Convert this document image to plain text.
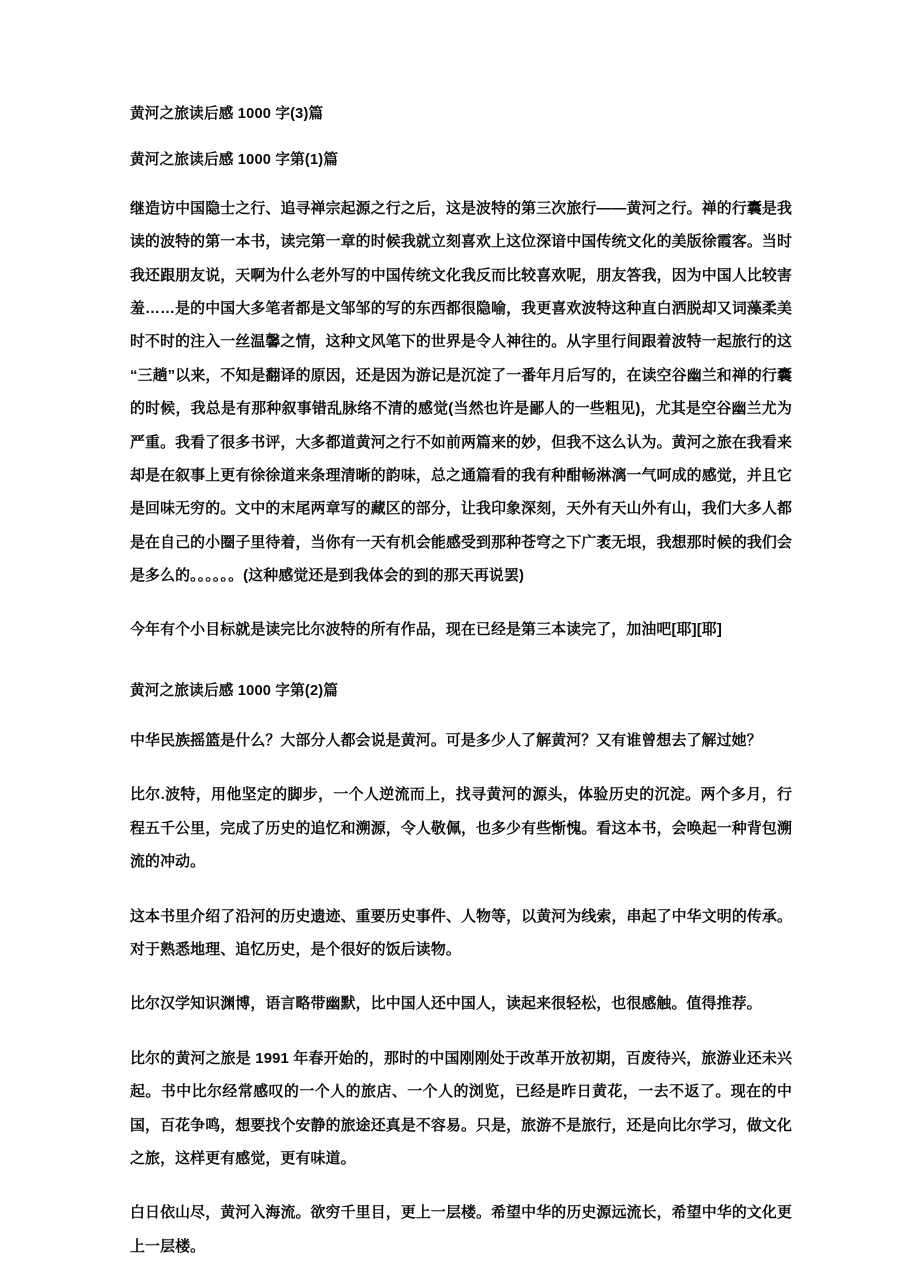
黄河之旅读后感 1000 字(3)篇
黄河之旅读后感 1000 字第(1)篇

继造访中国隐士之行、追寻禅宗起源之行之后，这是波特的第三次旅行——黄河之行。禅的行囊是我读的波特的第一本书，读完第一章的时候我就立刻喜欢上这位深谙中国传统文化的美版徐霞客。当时我还跟朋友说，天啊为什么老外写的中国传统文化我反而比较喜欢呢，朋友答我，因为中国人比较害羞……是的中国大多笔者都是文邹邹的写的东西都很隐喻，我更喜欢波特这种直白洒脱却又词藻柔美时不时的注入一丝温馨之情，这种文风笔下的世界是令人神往的。从字里行间跟着波特一起旅行的这“三趟”以来，不知是翻译的原因，还是因为游记是沉淀了一番年月后写的，在读空谷幽兰和禅的行囊的时候，我总是有那种叙事错乱脉络不清的感觉(当然也许是鄙人的一些粗见)，尤其是空谷幽兰尤为严重。我看了很多书评，大多都道黄河之行不如前两篇来的妙，但我不这么认为。黄河之旅在我看来却是在叙事上更有徐徐道来条理清晰的韵味，总之通篇看的我有种酣畅淋漓一气呵成的感觉，并且它是回味无穷的。文中的末尾两章写的藏区的部分，让我印象深刻，天外有天山外有山，我们大多人都是在自己的小圈子里待着，当你有一天有机会能感受到那种苍穹之下广袤无垠，我想那时候的我们会是多么的。。。。。。(这种感觉还是到我体会的到的那天再说罢)

今年有个小目标就是读完比尔波特的所有作品，现在已经是第三本读完了，加油吧[耶][耶]

黄河之旅读后感 1000 字第(2)篇

中华民族摇篮是什么？大部分人都会说是黄河。可是多少人了解黄河？又有谁曾想去了解过她？

比尔.波特，用他坚定的脚步，一个人逆流而上，找寻黄河的源头，体验历史的沉淀。两个多月，行程五千公里，完成了历史的追忆和溯源，令人敬佩，也多少有些惭愧。看这本书，会唤起一种背包溯流的冲动。

这本书里介绍了沿河的历史遗迹、重要历史事件、人物等，以黄河为线索，串起了中华文明的传承。对于熟悉地理、追忆历史，是个很好的饭后读物。

比尔汉学知识渊博，语言略带幽默，比中国人还中国人，读起来很轻松，也很感触。值得推荐。

比尔的黄河之旅是 1991 年春开始的，那时的中国刚刚处于改革开放初期，百废待兴，旅游业还未兴起。书中比尔经常感叹的一个人的旅店、一个人的浏览，已经是昨日黄花，一去不返了。现在的中国，百花争鸣，想要找个安静的旅途还真是不容易。只是，旅游不是旅行，还是向比尔学习，做文化之旅，这样更有感觉，更有味道。

白日依山尽，黄河入海流。欲穷千里目，更上一层楼。希望中华的历史源远流长，希望中华的文化更上一层楼。
